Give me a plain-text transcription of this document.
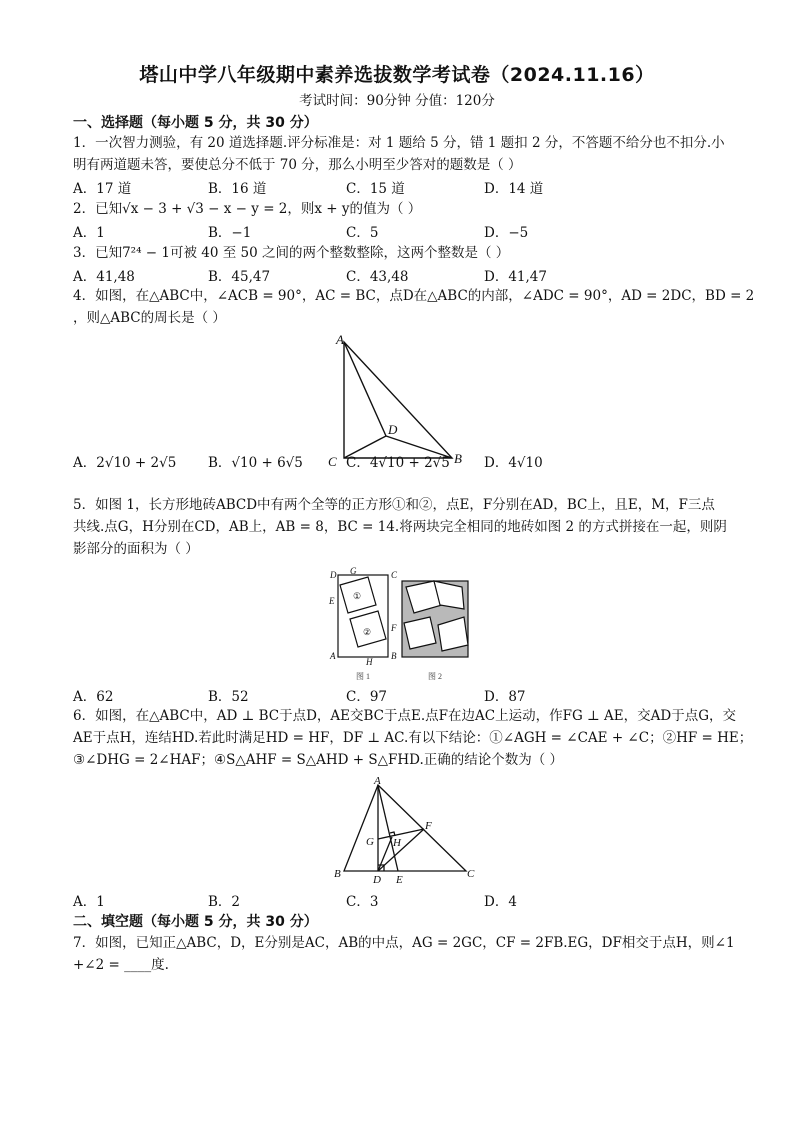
塔山中学八年级期中素养选拔数学考试卷（2024.11.16）
考试时间：90分钟 分值：120分
一、选择题（每小题 5 分，共 30 分）
1．一次智力测验，有 20 道选择题.评分标准是：对 1 题给 5 分，错 1 题扣 2 分，不答题不给分也不扣分.小
明有两道题未答，要使总分不低于 70 分，那么小明至少答对的题数是（ ）
A．17 道	B．16 道	C．15 道	D．14 道
2．已知√x − 3 + √3 − x − y = 2，则x + y的值为（ ）
A．1	B．−1	C．5	D．−5
3．已知7²⁴ − 1可被 40 至 50 之间的两个整数整除，这两个整数是（ ）
A．41,48	B．45,47	C．43,48	D．41,47
4．如图，在△ABC中，∠ACB = 90°，AC = BC，点D在△ABC的内部，∠ADC = 90°，AD = 2DC，BD = 2
，则△ABC的周长是（ ）
A
B
C
D
A．2√10 + 2√5 B．√10 + 6√5	C．4√10 + 2√5	D．4√10
5．如图 1，长方形地砖ABCD中有两个全等的正方形①和②，点E，F分别在AD，BC上，且E，M，F三点
共线.点G，H分别在CD，AB上，AB = 8，BC = 14.将两块完全相同的地砖如图 2 的方式拼接在一起，则阴
影部分的面积为（ ）
D G	C
E
F
A
H
B
①
②
图 1	图 2
A．62	B．52	C．97	D．87
6．如图，在△ABC中，AD ⊥ BC于点D，AE交BC于点E.点F在边AC上运动，作FG ⊥ AE，交AD于点G，交
AE于点H，连结HD.若此时满足HD = HF，DF ⊥ AC.有以下结论：①∠AGH = ∠CAE + ∠C；②HF = HE；
③∠DHG = 2∠HAF；④S△AHF = S△AHD + S△FHD.正确的结论个数为（ ）
A
G
F
H
B	D E	C
A．1	B．2	C．3	D．4
二、填空题（每小题 5 分，共 30 分）
7．如图，已知正△ABC，D，E分别是AC，AB的中点，AG = 2GC，CF = 2FB.EG，DF相交于点H，则∠1
+∠2 = ____度.
